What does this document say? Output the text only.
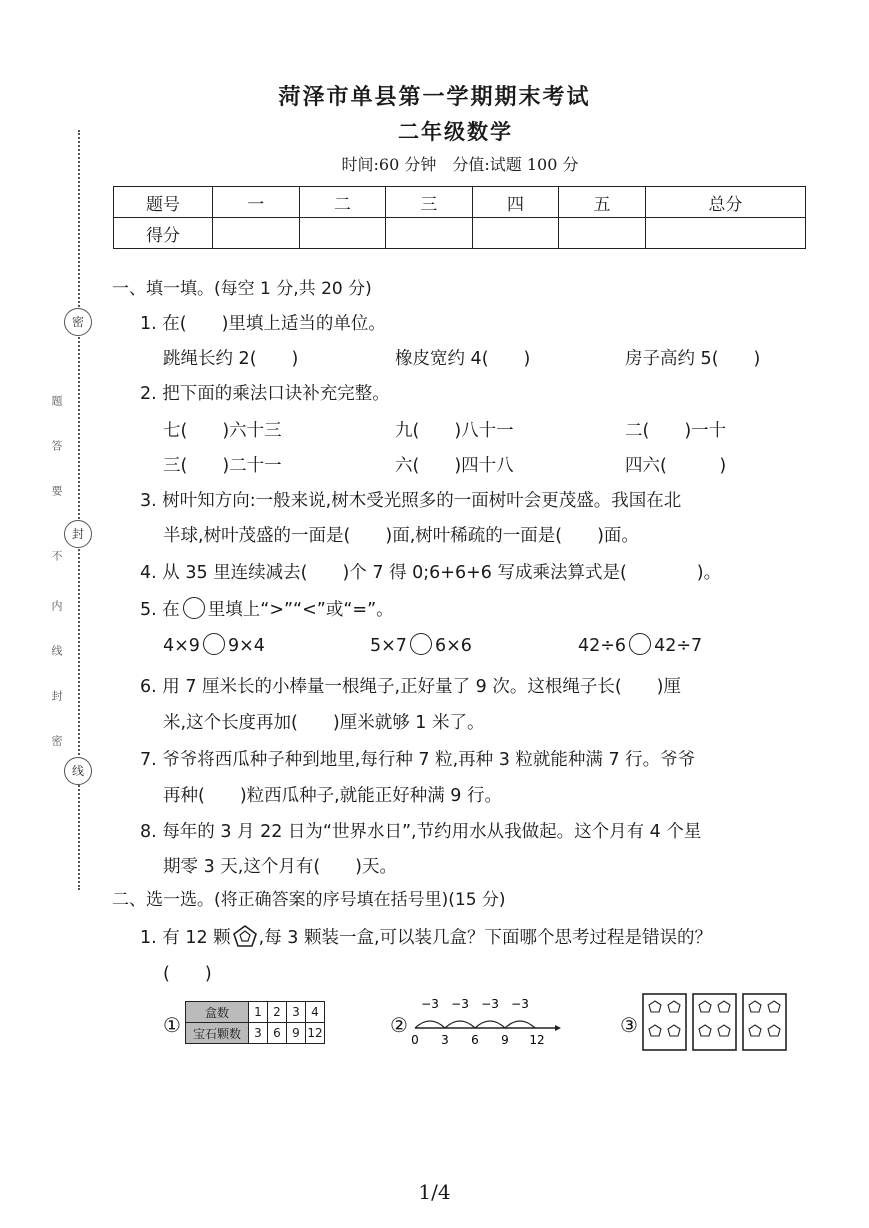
密
封
线
题
答
要
不
内
线
封
密
菏泽市单县第一学期期末考试
二年级数学
时间:60 分钟　分值:试题 100 分
题号	一	二	三	四	五	总分
得分						
一、填一填。(每空 1 分,共 20 分)
1. 在(　　)里填上适当的单位。
跳绳长约 2(　　)	橡皮宽约 4(　　)	房子高约 5(　　)
2. 把下面的乘法口诀补充完整。
七(　　)六十三	九(　　)八十一	二(　　)一十
三(　　)二十一	六(　　)四十八	四六(　　　)
3. 树叶知方向:一般来说,树木受光照多的一面树叶会更茂盛。我国在北
半球,树叶茂盛的一面是(　　)面,树叶稀疏的一面是(　　)面。
4. 从 35 里连续减去(　　)个 7 得 0;6+6+6 写成乘法算式是(　　　　)。
5. 在 里填上“>”“<”或“=”。
4×9 9×4	5×7 6×6	42÷6 42÷7
6. 用 7 厘米长的小棒量一根绳子,正好量了 9 次。这根绳子长(　　)厘
米,这个长度再加(　　)厘米就够 1 米了。
7. 爷爷将西瓜种子种到地里,每行种 7 粒,再种 3 粒就能种满 7 行。爷爷
再种(　　)粒西瓜种子,就能正好种满 9 行。
8. 每年的 3 月 22 日为“世界水日”,节约用水从我做起。这个月有 4 个星
期零 3 天,这个月有(　　)天。
二、选一选。(将正确答案的序号填在括号里)(15 分)
1. 有 12 颗 ,每 3 颗装一盒,可以装几盒？下面哪个思考过程是错误的？
(　　)
①
盒数	1	2	3	4
宝石颗数	3	6	9	12	②
−3 −3 −3 −3
0 3 6 9 12
③
1/4
